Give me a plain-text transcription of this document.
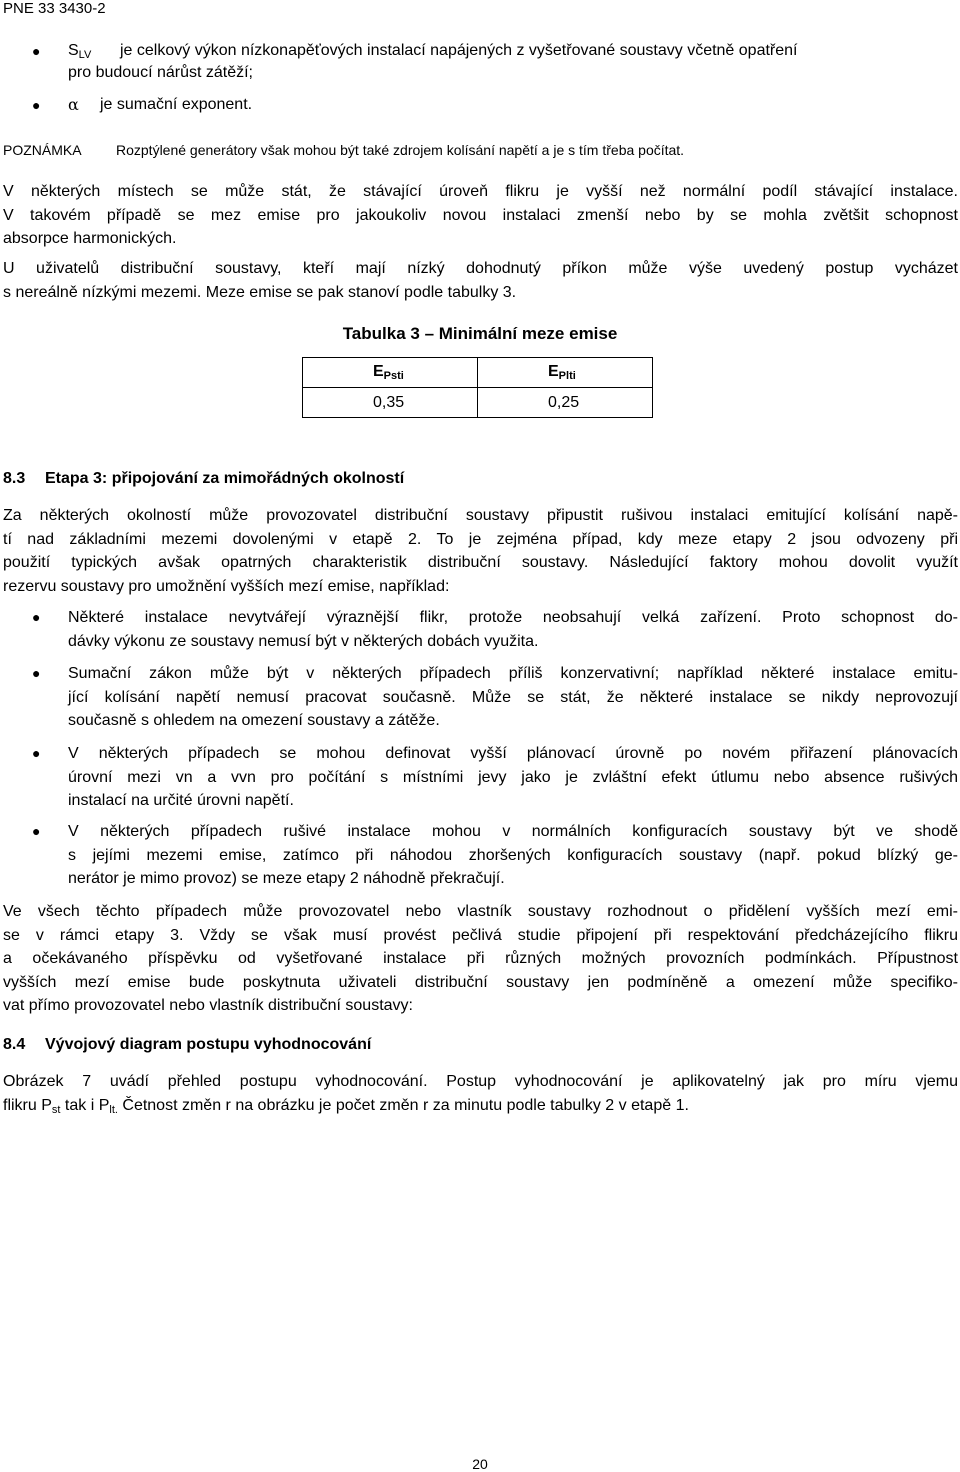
PNE 33 3430-2
● $S_{LV}$ je celkový výkon nízkonapěťových instalací napájených z vyšetřované soustavy včetně opatření
pro budoucí nárůst zátěží;
● α je sumační exponent.
POZNÁMKA Rozptýlené generátory však mohou být také zdrojem kolísání napětí a je s tím třeba počítat.
V některých místech se může stát, že stávající úroveň flikru je vyšší než normální podíl stávající instalace.
V takovém případě se mez emise pro jakoukoliv novou instalaci zmenší nebo by se mohla zvětšit schopnost
absorpce harmonických.
U uživatelů distribuční soustavy, kteří mají nízký dohodnutý příkon může výše uvedený postup vycházet
s nereálně nízkými mezemi. Meze emise se pak stanoví podle tabulky 3.
Tabulka 3 – Minimální meze emise
$E_{Psti}$	$E_{Plti}$
0,35	0,25
8.3 Etapa 3: připojování za mimořádných okolností
Za některých okolností může provozovatel distribuční soustavy připustit rušivou instalaci emitující kolísání napě-
tí nad základními mezemi dovolenými v etapě 2. To je zejména případ, kdy meze etapy 2 jsou odvozeny při
použití typických avšak opatrných charakteristik distribuční soustavy. Následující faktory mohou dovolit využít
rezervu soustavy pro umožnění vyšších mezí emise, například:
● Některé instalace nevytvářejí výraznější flikr, protože neobsahují velká zařízení. Proto schopnost do-
dávky výkonu ze soustavy nemusí být v některých dobách využita.
● Sumační zákon může být v některých případech příliš konzervativní; například některé instalace emitu-
jící kolísání napětí nemusí pracovat současně. Může se stát, že některé instalace se nikdy neprovozují
současně s ohledem na omezení soustavy a zátěže.
● V některých případech se mohou definovat vyšší plánovací úrovně po novém přiřazení plánovacích
úrovní mezi vn a vvn pro počítání s místními jevy jako je zvláštní efekt útlumu nebo absence rušivých
instalací na určité úrovni napětí.
● V některých případech rušivé instalace mohou v normálních konfiguracích soustavy být ve shodě
s jejími mezemi emise, zatímco při náhodou zhoršených konfiguracích soustavy (např. pokud blízký ge-
nerátor je mimo provoz) se meze etapy 2 náhodně překračují.
Ve všech těchto případech může provozovatel nebo vlastník soustavy rozhodnout o přidělení vyšších mezí emi-
se v rámci etapy 3. Vždy se však musí provést pečlivá studie připojení při respektování předcházejícího flikru
a očekávaného příspěvku od vyšetřované instalace při různých možných provozních podmínkách. Přípustnost
vyšších mezí emise bude poskytnuta uživateli distribuční soustavy jen podmíněně a omezení může specifiko-
vat přímo provozovatel nebo vlastník distribuční soustavy:
8.4 Vývojový diagram postupu vyhodnocování
Obrázek 7 uvádí přehled postupu vyhodnocování. Postup vyhodnocování je aplikovatelný jak pro míru vjemu
flikru Pst tak i Plt. Četnost změn r na obrázku je počet změn r za minutu podle tabulky 2 v etapě 1.
20
